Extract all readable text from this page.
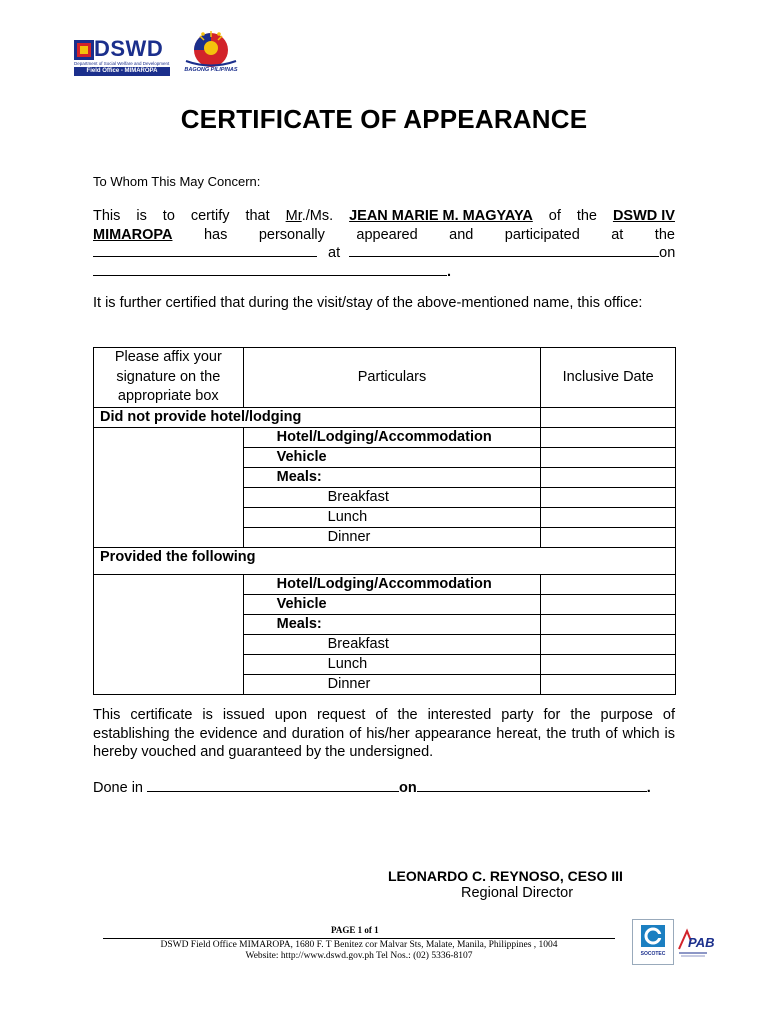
DSWD
Department of Social Welfare and Development
Field Office - MIMAROPA	BAGONG PILIPINAS
CERTIFICATE OF APPEARANCE
To Whom This May Concern:
This is to certify that Mr./Ms. JEAN MARIE M. MAGYAYA of the DSWD IV
MIMAROPA has personally appeared and participated at the
at	on
.
It is further certified that during the visit/stay of the above-mentioned name, this office:
Please affix your signature on the appropriate box	Particulars	Inclusive Date
Did not provide hotel/lodging		
	Hotel/Lodging/Accommodation	
	Vehicle	
	Meals:	
	Breakfast	
	Lunch	
	Dinner	
Provided the following		
	Hotel/Lodging/Accommodation	
	Vehicle	
	Meals:	
	Breakfast	
	Lunch	
	Dinner	
This certificate is issued upon request of the interested party for the purpose of establishing the evidence and duration of his/her appearance hereat, the truth of which is hereby vouched and guaranteed by the undersigned.
Done in	on	.
LEONARDO C. REYNOSO, CESO III
Regional Director
PAGE 1 of 1
DSWD Field Office MIMAROPA, 1680 F. T Benitez cor Malvar Sts, Malate, Manila, Philippines , 1004
Website: http://www.dswd.gov.ph Tel Nos.: (02) 5336-8107	SOCOTEC
PAB
